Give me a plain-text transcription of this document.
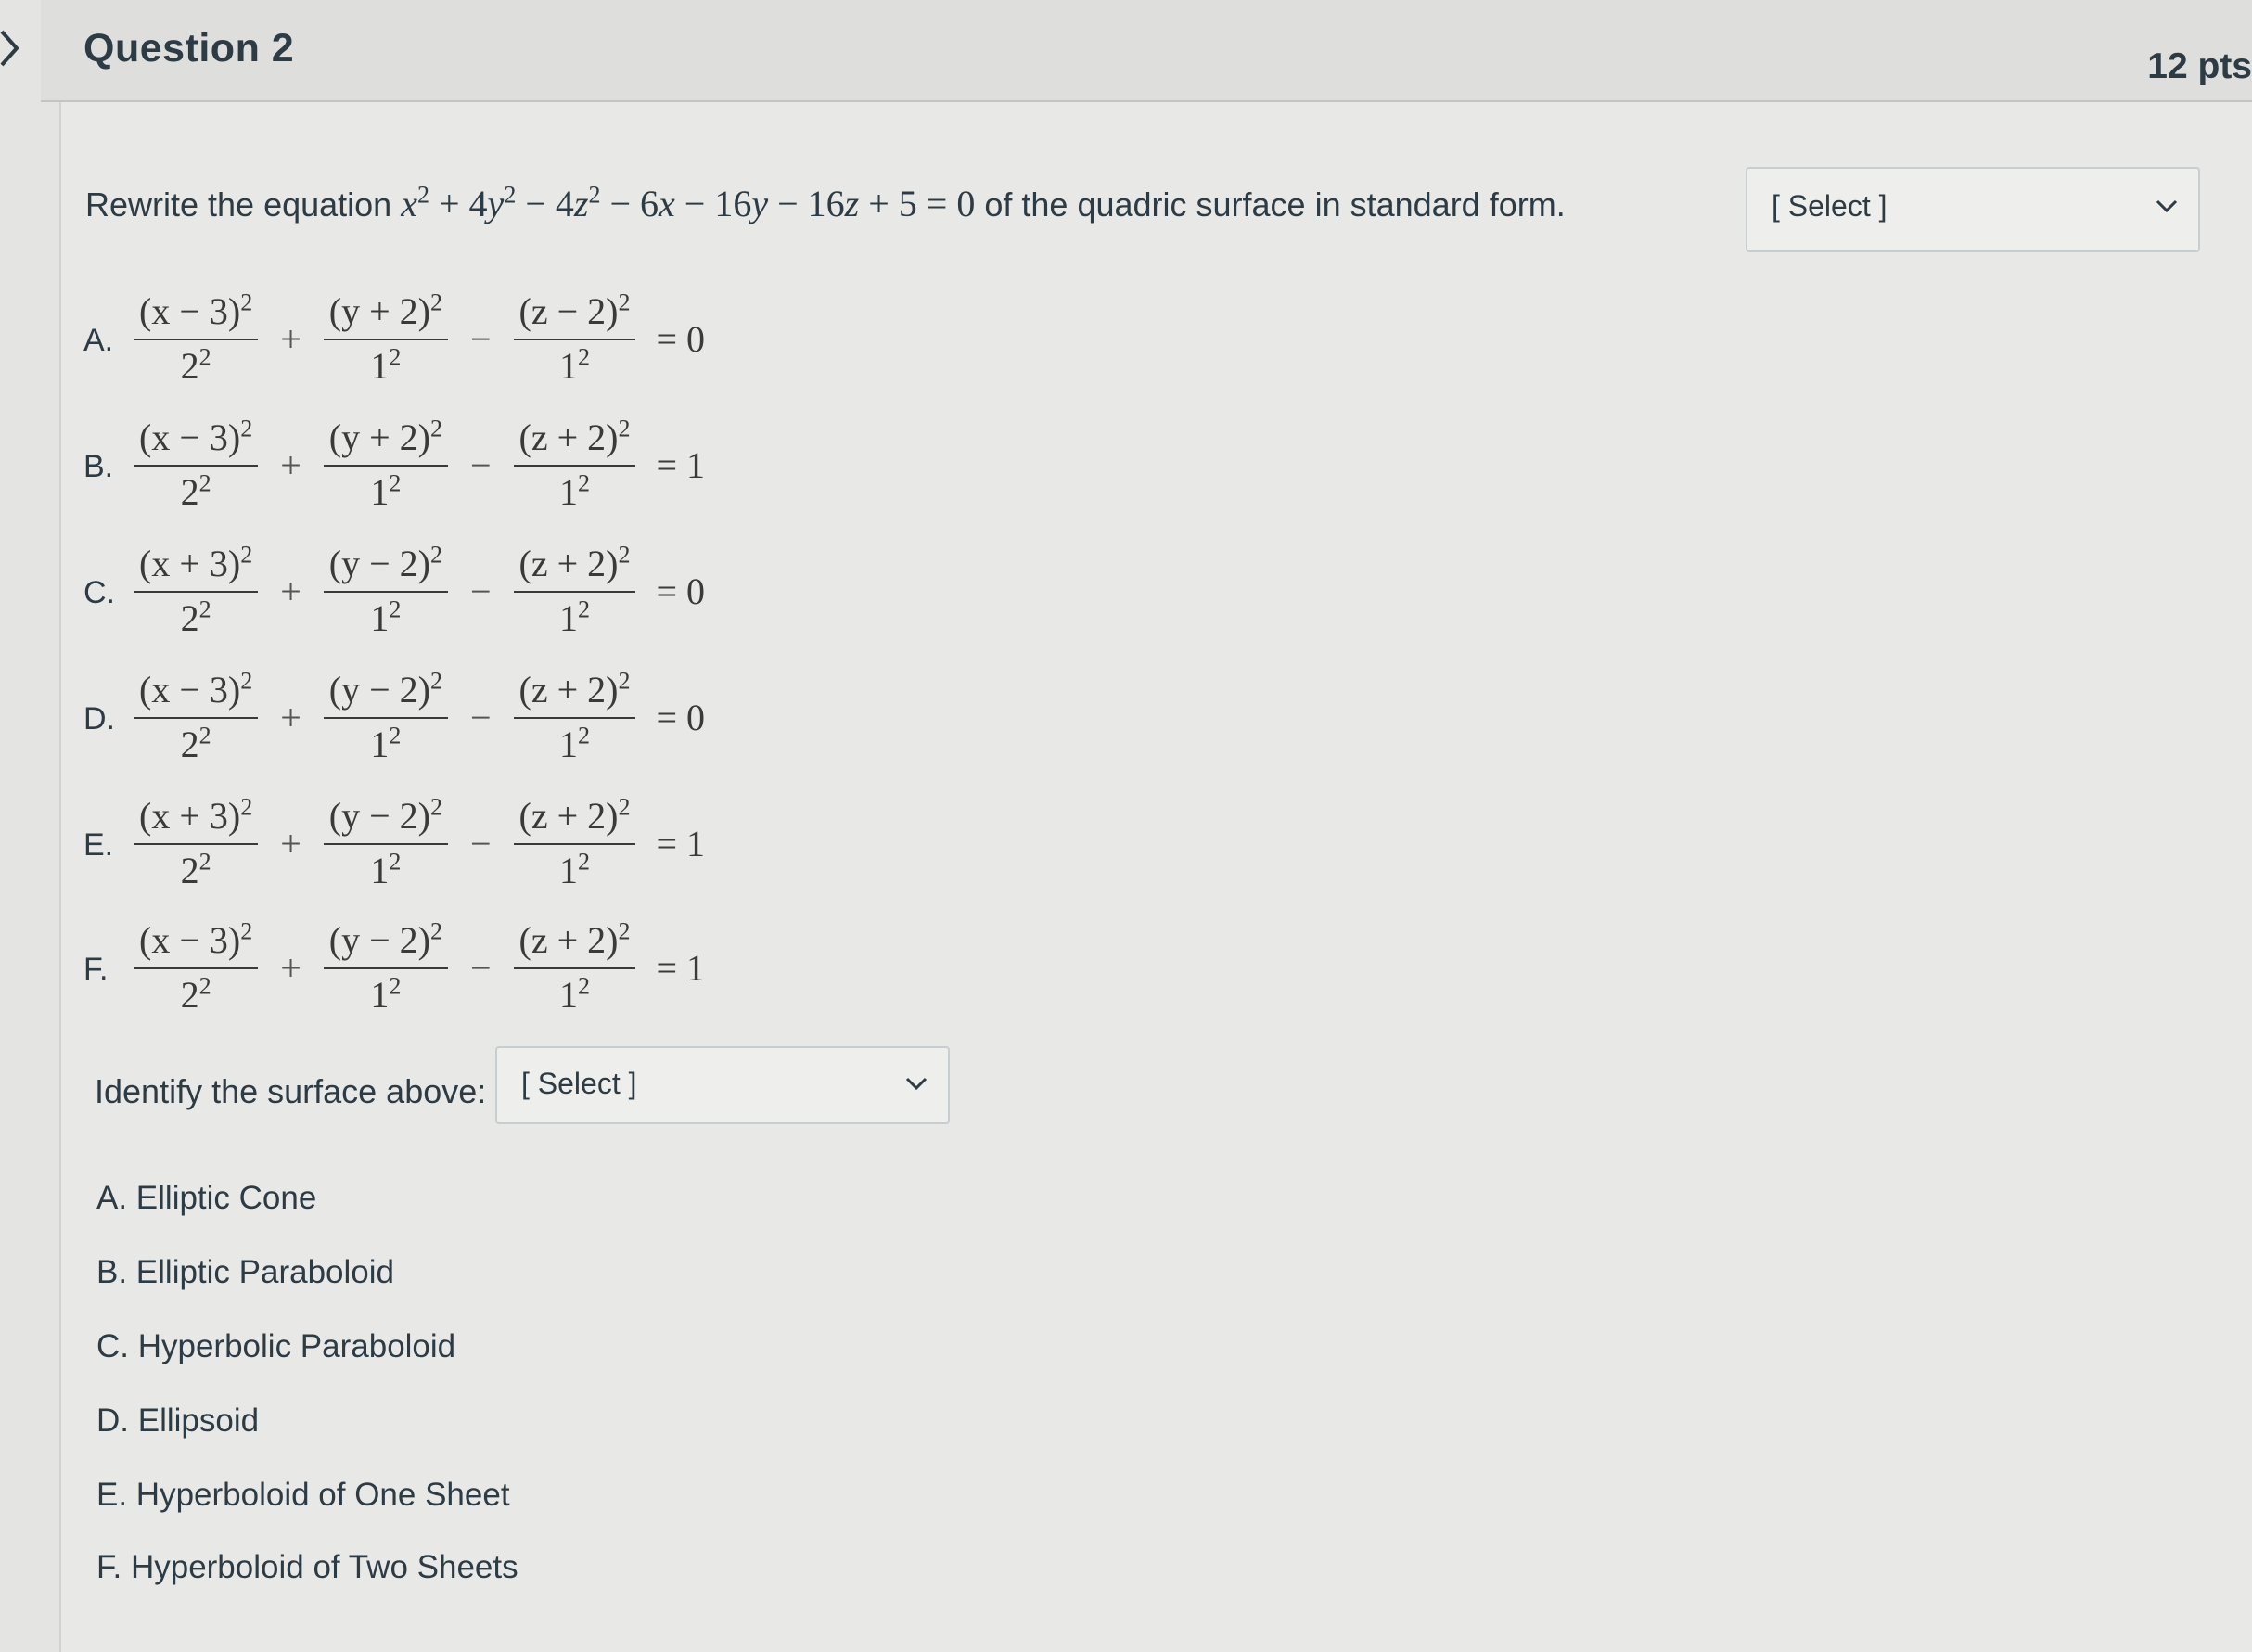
Question 2	12 pts
Rewrite the equation $x^2 + 4y^2 - 4z^2 - 6x - 16y - 16z + 5 = 0$ of the quadric surface in standard form.	[ Select ]
A. $\frac{(x - 3)^2}{2^2} + \frac{(y + 2)^2}{1^2} - \frac{(z - 2)^2}{1^2} = 0$
B. $\frac{(x - 3)^2}{2^2} + \frac{(y + 2)^2}{1^2} - \frac{(z + 2)^2}{1^2} = 1$
C. $\frac{(x + 3)^2}{2^2} + \frac{(y - 2)^2}{1^2} - \frac{(z + 2)^2}{1^2} = 0$
D. $\frac{(x - 3)^2}{2^2} + \frac{(y - 2)^2}{1^2} - \frac{(z + 2)^2}{1^2} = 0$
E. $\frac{(x + 3)^2}{2^2} + \frac{(y - 2)^2}{1^2} - \frac{(z + 2)^2}{1^2} = 1$
F. $\frac{(x - 3)^2}{2^2} + \frac{(y - 2)^2}{1^2} - \frac{(z + 2)^2}{1^2} = 1$
Identify the surface above: [ Select ]
A. Elliptic Cone
B. Elliptic Paraboloid
C. Hyperbolic Paraboloid
D. Ellipsoid
E. Hyperboloid of One Sheet
F. Hyperboloid of Two Sheets
